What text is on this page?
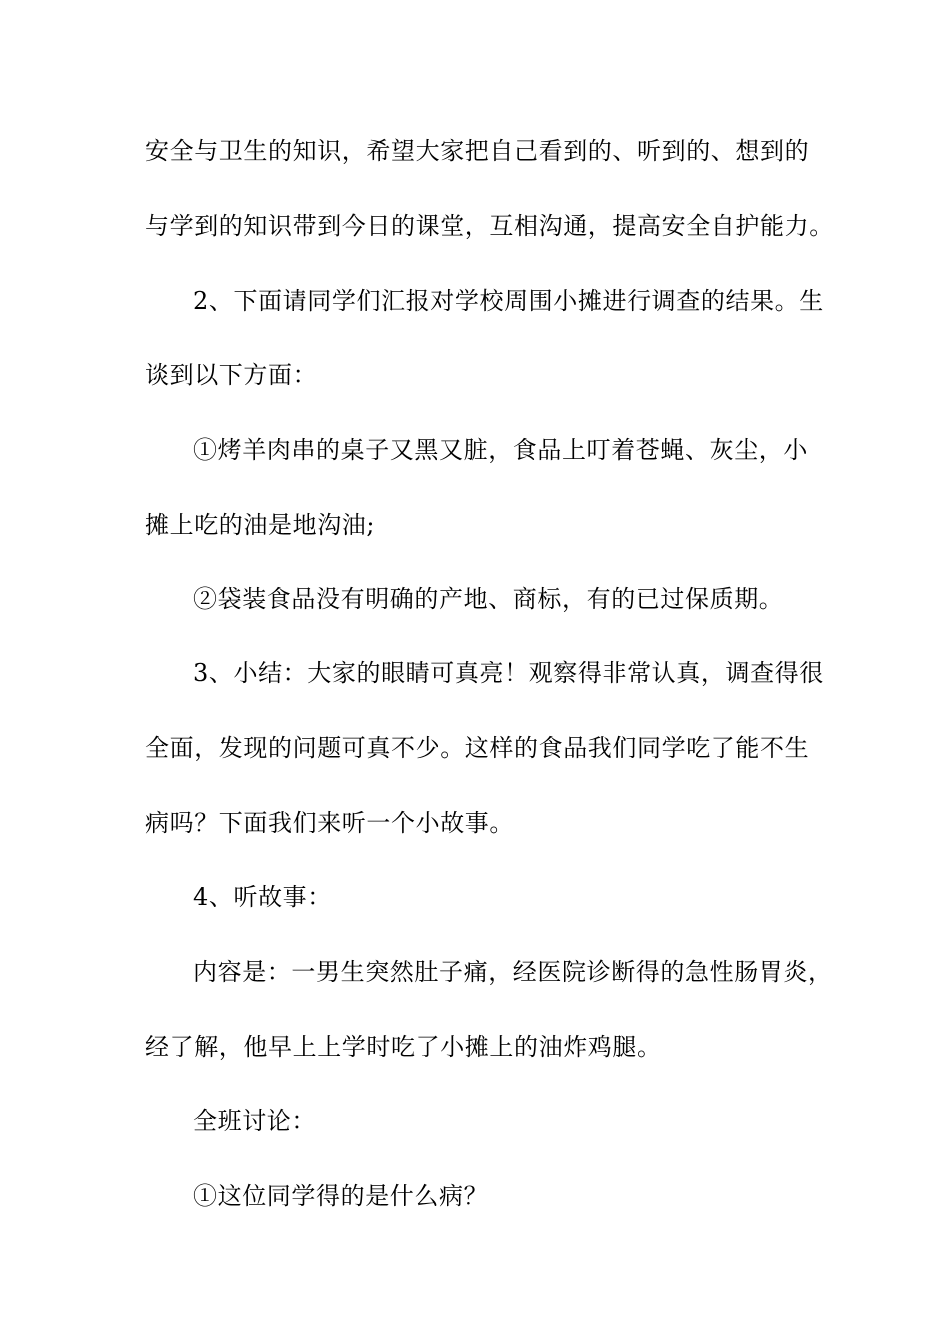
安全与卫生的知识，希望大家把自己看到的、听到的、想到的
与学到的知识带到今日的课堂，互相沟通，提高安全自护能力。
2、下面请同学们汇报对学校周围小摊进行调查的结果。生
谈到以下方面：
①烤羊肉串的桌子又黑又脏，食品上叮着苍蝇、灰尘，小
摊上吃的油是地沟油;
②袋装食品没有明确的产地、商标，有的已过保质期。
3、小结：大家的眼睛可真亮！观察得非常认真，调查得很
全面，发现的问题可真不少。这样的食品我们同学吃了能不生
病吗？下面我们来听一个小故事。
4、听故事：
内容是：一男生突然肚子痛，经医院诊断得的急性肠胃炎，
经了解，他早上上学时吃了小摊上的油炸鸡腿。
全班讨论：
①这位同学得的是什么病？
